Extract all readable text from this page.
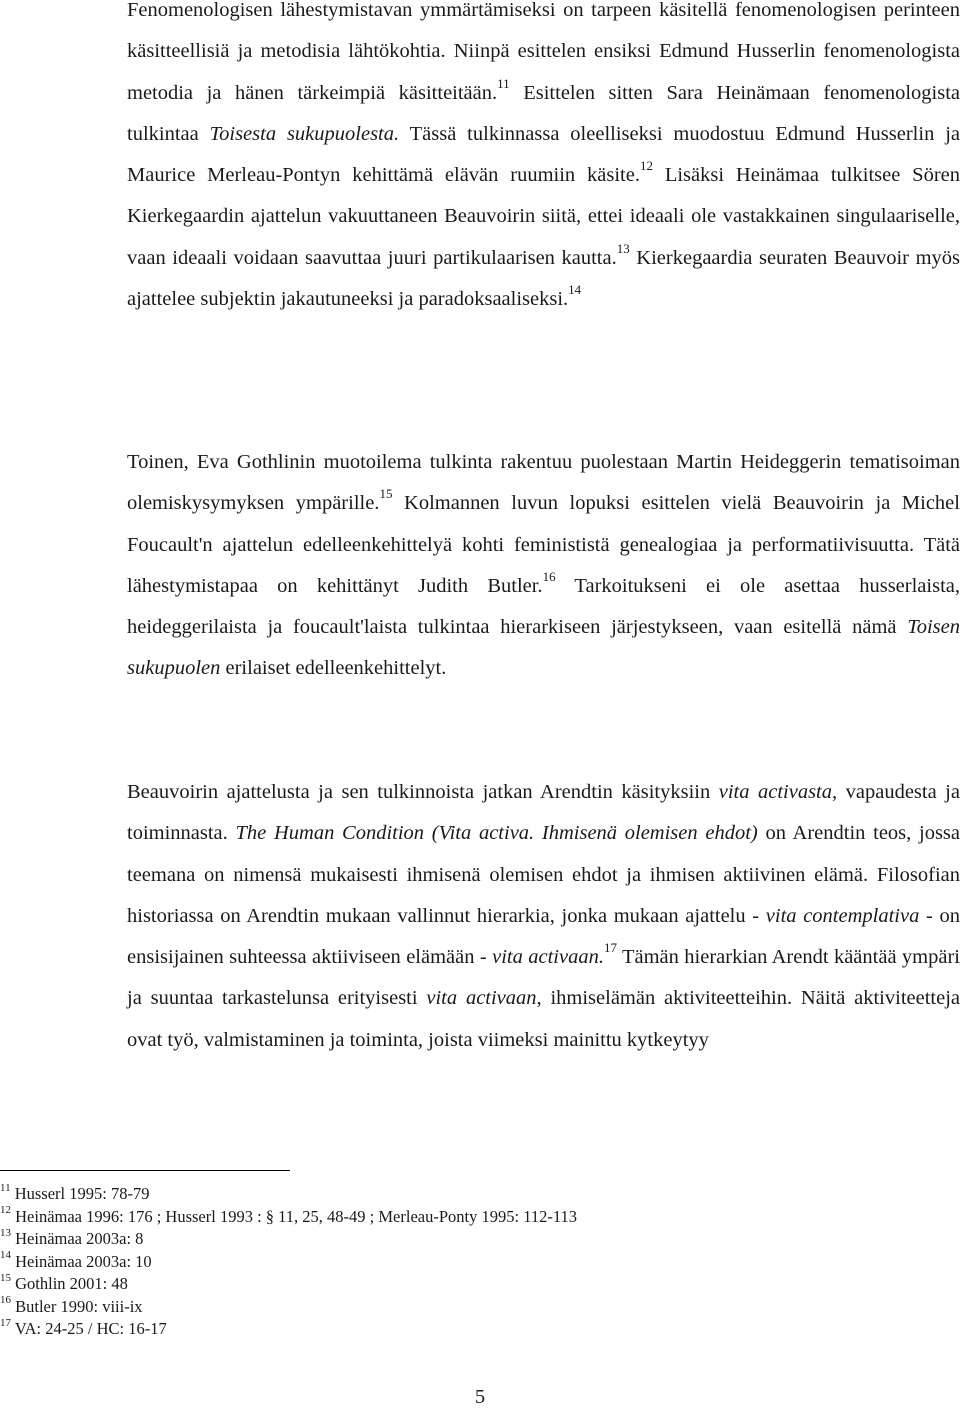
Fenomenologisen lähestymistavan ymmärtämiseksi on tarpeen käsitellä fenomenologisen perinteen käsitteellisiä ja metodisia lähtökohtia. Niinpä esittelen ensiksi Edmund Husserlin fenomenologista metodia ja hänen tärkeimpiä käsitteitään.$^{11}$ Esittelen sitten Sara Heinämaan fenomenologista tulkintaa Toisesta sukupuolesta. Tässä tulkinnassa oleelliseksi muodostuu Edmund Husserlin ja Maurice Merleau-Pontyn kehittämä elävän ruumiin käsite.$^{12}$ Lisäksi Heinämaa tulkitsee Sören Kierkegaardin ajattelun vakuuttaneen Beauvoirin siitä, ettei ideaali ole vastakkainen singulaariselle, vaan ideaali voidaan saavuttaa juuri partikulaarisen kautta.$^{13}$ Kierkegaardia seuraten Beauvoir myös ajattelee subjektin jakautuneeksi ja paradoksaaliseksi.$^{14}$

Toinen, Eva Gothlinin muotoilema tulkinta rakentuu puolestaan Martin Heideggerin tematisoiman olemiskysymyksen ympärille.$^{15}$ Kolmannen luvun lopuksi esittelen vielä Beauvoirin ja Michel Foucault'n ajattelun edelleenkehittelyä kohti feminististä genealogiaa ja performatiivisuutta. Tätä lähestymistapaa on kehittänyt Judith Butler.$^{16}$ Tarkoitukseni ei ole asettaa husserlaista, heideggerilaista ja foucault'laista tulkintaa hierarkiseen järjestykseen, vaan esitellä nämä Toisen sukupuolen erilaiset edelleenkehittelyt.

Beauvoirin ajattelusta ja sen tulkinnoista jatkan Arendtin käsityksiin vita activasta, vapaudesta ja toiminnasta. The Human Condition (Vita activa. Ihmisenä olemisen ehdot) on Arendtin teos, jossa teemana on nimensä mukaisesti ihmisenä olemisen ehdot ja ihmisen aktiivinen elämä. Filosofian historiassa on Arendtin mukaan vallinnut hierarkia, jonka mukaan ajattelu - vita contemplativa - on ensisijainen suhteessa aktiiviseen elämään - vita activaan.$^{17}$ Tämän hierarkian Arendt kääntää ympäri ja suuntaa tarkastelunsa erityisesti vita activaan, ihmiselämän aktiviteetteihin. Näitä aktiviteetteja ovat työ, valmistaminen ja toiminta, joista viimeksi mainittu kytkeytyy

$^{11}$ Husserl 1995: 78-79
$^{12}$ Heinämaa 1996: 176 ; Husserl 1993 : § 11, 25, 48-49 ; Merleau-Ponty 1995: 112-113
$^{13}$ Heinämaa 2003a: 8
$^{14}$ Heinämaa 2003a: 10
$^{15}$ Gothlin 2001: 48
$^{16}$ Butler 1990: viii-ix
$^{17}$ VA: 24-25 / HC: 16-17
5
